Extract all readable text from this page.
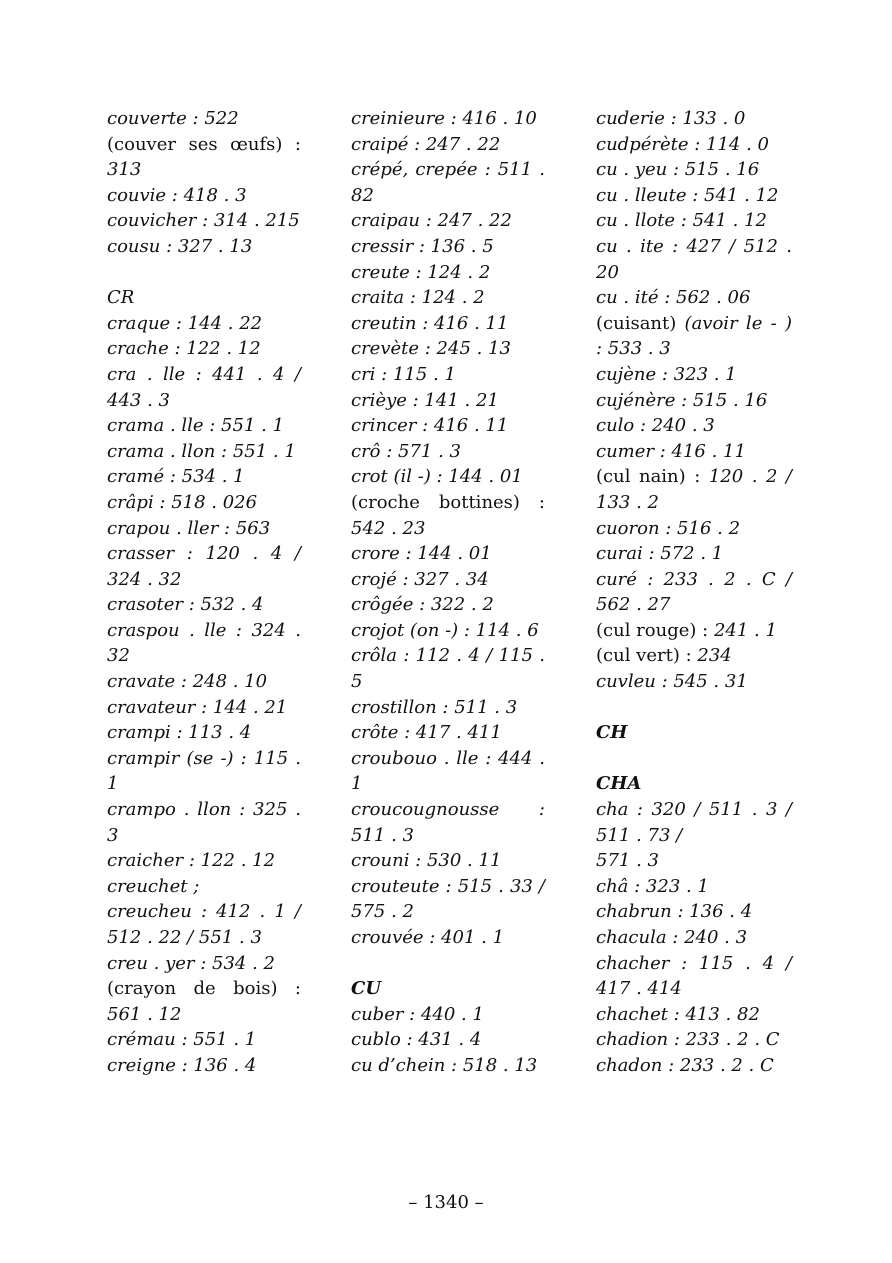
couverte : 522
(couver ses œufs) : 313
couvie : 418 . 3
couvicher : 314 . 215
cousu : 327 . 13
CR
craque : 144 . 22
crache : 122 . 12
cra . lle : 441 . 4 / 443 . 3
crama . lle : 551 . 1
crama . llon : 551 . 1
cramé : 534 . 1
crâpi : 518 . 026
crapou . ller : 563
crasser : 120 . 4 / 324 . 32
crasoter : 532 . 4
craspou . lle : 324 . 32
cravate : 248 . 10
cravateur : 144 . 21
crampi : 113 . 4
crampir (se -) : 115 . 1
crampo . llon : 325 . 3
craicher : 122 . 12
creuchet ;
creucheu : 412 . 1 / 512 . 22 / 551 . 3
creu . yer : 534 . 2
(crayon de bois) : 561 . 12
crémau : 551 . 1
creigne : 136 . 4
creinieure : 416 . 10
craipé : 247 . 22
crépé, crepée : 511 . 82
craipau : 247 . 22
cressir : 136 . 5
creute : 124 . 2
craita : 124 . 2
creutin : 416 . 11
crevète : 245 . 13
cri : 115 . 1
crièye : 141 . 21
crincer : 416 . 11
crô : 571 . 3
crot (il -) : 144 . 01
(croche bottines) : 542 . 23
crore : 144 . 01
crojé : 327 . 34
crôgée : 322 . 2
crojot (on -) : 114 . 6
crôla : 112 . 4 / 115 . 5
crostillon : 511 . 3
crôte : 417 . 411
croubouo . lle : 444 . 1
croucougnousse : 511 . 3
crouni : 530 . 11
crouteute : 515 . 33 / 575 . 2
crouvée : 401 . 1
CU
cuber : 440 . 1
cublo : 431 . 4
cu d’chein : 518 . 13
cuderie : 133 . 0
cudpérète : 114 . 0
cu . yeu : 515 . 16
cu . lleute : 541 . 12
cu . llote : 541 . 12
cu . ite : 427 / 512 . 20
cu . ité : 562 . 06
(cuisant) (avoir le - ) : 533 . 3
cujène : 323 . 1
cujénère : 515 . 16
culo : 240 . 3
cumer : 416 . 11
(cul nain) : 120 . 2 / 133 . 2
cuoron : 516 . 2
curai : 572 . 1
curé : 233 . 2 . C / 562 . 27
(cul rouge) : 241 . 1
(cul vert) : 234
cuvleu : 545 . 31
CH
CHA
cha : 320 / 511 . 3 / 511 . 73 /
571 . 3
châ : 323 . 1
chabrun : 136 . 4
chacula : 240 . 3
chacher : 115 . 4 / 417 . 414
chachet : 413 . 82
chadion : 233 . 2 . C
chadon : 233 . 2 . C
– 1340 –
